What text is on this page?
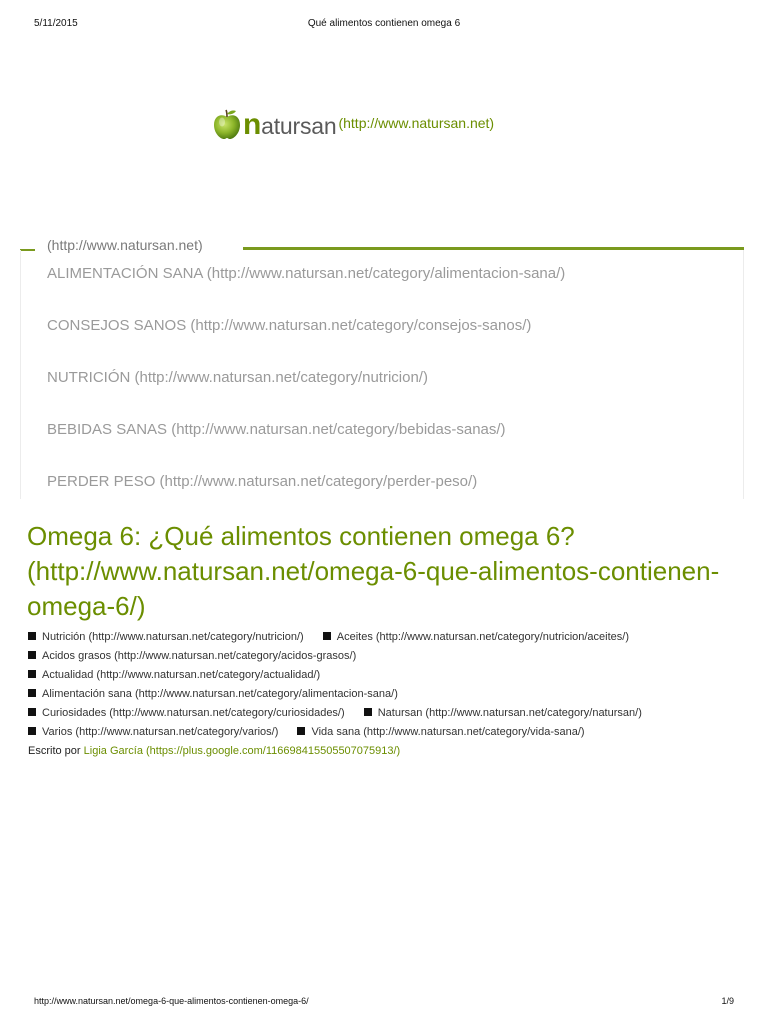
5/11/2015	Qué alimentos contienen omega 6
natursan (http://www.natursan.net)
(http://www.natursan.net)
ALIMENTACIÓN SANA (http://www.natursan.net/category/alimentacion-sana/)
CONSEJOS SANOS (http://www.natursan.net/category/consejos-sanos/)
NUTRICIÓN (http://www.natursan.net/category/nutricion/)
BEBIDAS SANAS (http://www.natursan.net/category/bebidas-sanas/)
PERDER PESO (http://www.natursan.net/category/perder-peso/)
Omega 6: ¿Qué alimentos contienen omega 6? (http://www.natursan.net/omega-6-que-alimentos-contienen-omega-6/)
Nutrición (http://www.natursan.net/category/nutricion/)	Aceites (http://www.natursan.net/category/nutricion/aceites/)
Acidos grasos (http://www.natursan.net/category/acidos-grasos/)
Actualidad (http://www.natursan.net/category/actualidad/)
Alimentación sana (http://www.natursan.net/category/alimentacion-sana/)
Curiosidades (http://www.natursan.net/category/curiosidades/)	Natursan (http://www.natursan.net/category/natursan/)
Varios (http://www.natursan.net/category/varios/)	Vida sana (http://www.natursan.net/category/vida-sana/)
Escrito por Ligia García (https://plus.google.com/116698415505507075913/)
http://www.natursan.net/omega-6-que-alimentos-contienen-omega-6/	1/9
